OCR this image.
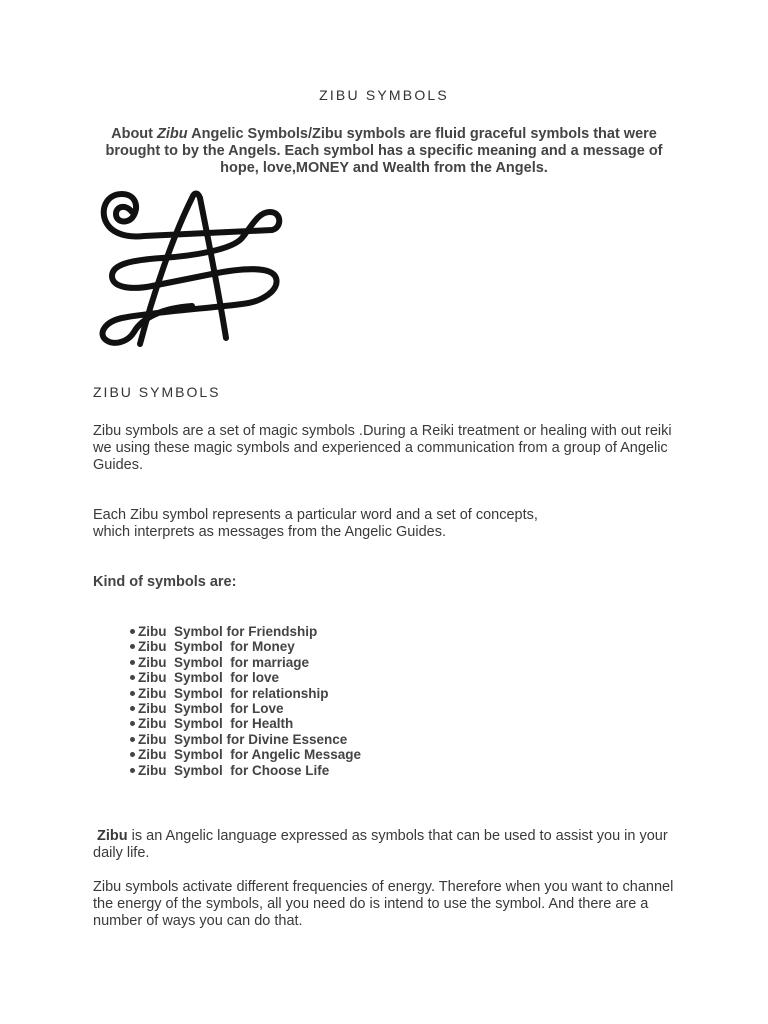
ZIBU SYMBOLS
About Zibu Angelic Symbols/Zibu symbols are fluid graceful symbols that were brought to by the Angels. Each symbol has a specific meaning and a message of hope, love,MONEY and Wealth from the Angels.
ZIBU SYMBOLS
Zibu symbols are a set of magic symbols .During a Reiki treatment or healing with out reiki we using these magic symbols and experienced a communication from a group of Angelic Guides.
Each Zibu symbol represents a particular word and a set of concepts,
which interprets as messages from the Angelic Guides.
Kind of symbols are:
Zibu  Symbol for Friendship
Zibu  Symbol  for Money
Zibu  Symbol  for marriage
Zibu  Symbol  for love
Zibu  Symbol  for relationship
Zibu  Symbol  for Love
Zibu  Symbol  for Health
Zibu  Symbol for Divine Essence
Zibu  Symbol  for Angelic Message
Zibu  Symbol  for Choose Life
Zibu is an Angelic language expressed as symbols that can be used to assist you in your daily life.
Zibu symbols activate different frequencies of energy. Therefore when you want to channel the energy of the symbols, all you need do is intend to use the symbol. And there are a number of ways you can do that.
